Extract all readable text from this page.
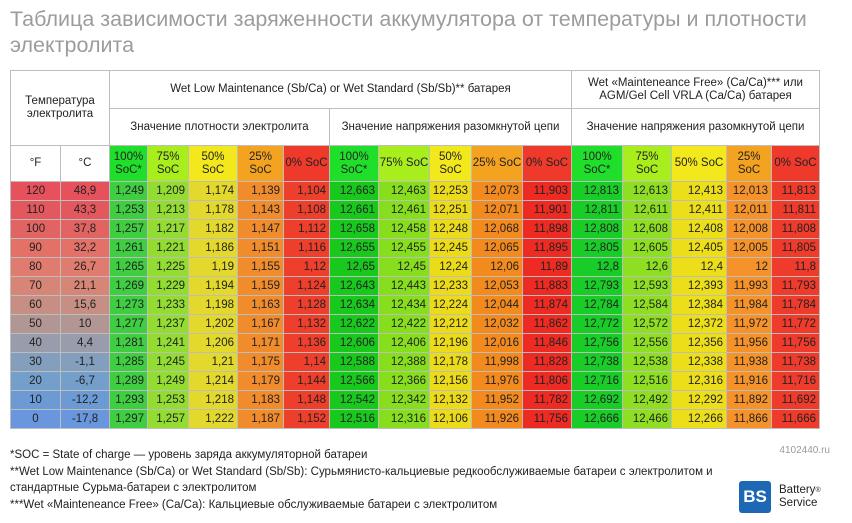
Таблица зависимости заряженности аккумулятора от температуры и плотности электролита
Температура электролита		Wet Low Maintenance (Sb/Ca) or Wet Standard (Sb/Sb)** батарея										Wet «Mainteneance Free» (Ca/Ca)*** или AGM/Gel Cell VRLA (Ca/Ca) батарея				
		Значение плотности электролита					Значение напряжения разомкнутой цепи					Значение напряжения разомкнутой цепи				
°F	°C	100% SoC*	75% SoC	50% SoC	25% SoC	0% SoC	100% SoC*	75% SoC	50% SoC	25% SoC	0% SoC	100% SoC*	75% SoC	50% SoC	25% SoC	0% SoC
120	48,9	1,249	1,209	1,174	1,139	1,104	12,663	12,463	12,253	12,073	11,903	12,813	12,613	12,413	12,013	11,813
110	43,3	1,253	1,213	1,178	1,143	1,108	12,661	12,461	12,251	12,071	11,901	12,811	12,611	12,411	12,011	11,811
100	37,8	1,257	1,217	1,182	1,147	1,112	12,658	12,458	12,248	12,068	11,898	12,808	12,608	12,408	12,008	11,808
90	32,2	1,261	1,221	1,186	1,151	1,116	12,655	12,455	12,245	12,065	11,895	12,805	12,605	12,405	12,005	11,805
80	26,7	1,265	1,225	1,19	1,155	1,12	12,65	12,45	12,24	12,06	11,89	12,8	12,6	12,4	12	11,8
70	21,1	1,269	1,229	1,194	1,159	1,124	12,643	12,443	12,233	12,053	11,883	12,793	12,593	12,393	11,993	11,793
60	15,6	1,273	1,233	1,198	1,163	1,128	12,634	12,434	12,224	12,044	11,874	12,784	12,584	12,384	11,984	11,784
50	10	1,277	1,237	1,202	1,167	1,132	12,622	12,422	12,212	12,032	11,862	12,772	12,572	12,372	11,972	11,772
40	4,4	1,281	1,241	1,206	1,171	1,136	12,606	12,406	12,196	12,016	11,846	12,756	12,556	12,356	11,956	11,756
30	-1,1	1,285	1,245	1,21	1,175	1,14	12,588	12,388	12,178	11,998	11,828	12,738	12,538	12,338	11,938	11,738
20	-6,7	1,289	1,249	1,214	1,179	1,144	12,566	12,366	12,156	11,976	11,806	12,716	12,516	12,316	11,916	11,716
10	-12,2	1,293	1,253	1,218	1,183	1,148	12,542	12,342	12,132	11,952	11,782	12,692	12,492	12,292	11,892	11,692
0	-17,8	1,297	1,257	1,222	1,187	1,152	12,516	12,316	12,106	11,926	11,756	12,666	12,466	12,266	11,866	11,666
*SOC = State of charge — уровень заряда аккумуляторной батареи
**Wet Low Maintenance (Sb/Ca) or Wet Standard (Sb/Sb): Сурьмянисто-кальциевые редкообслуживаемые батареи с электролитом и стандартные Сурьма-батареи с электролитом
***Wet «Mainteneance Free» (Ca/Ca): Кальциевые обслуживаемые батареи с электролитом
4102440.ru
BS	Battery®
Service
